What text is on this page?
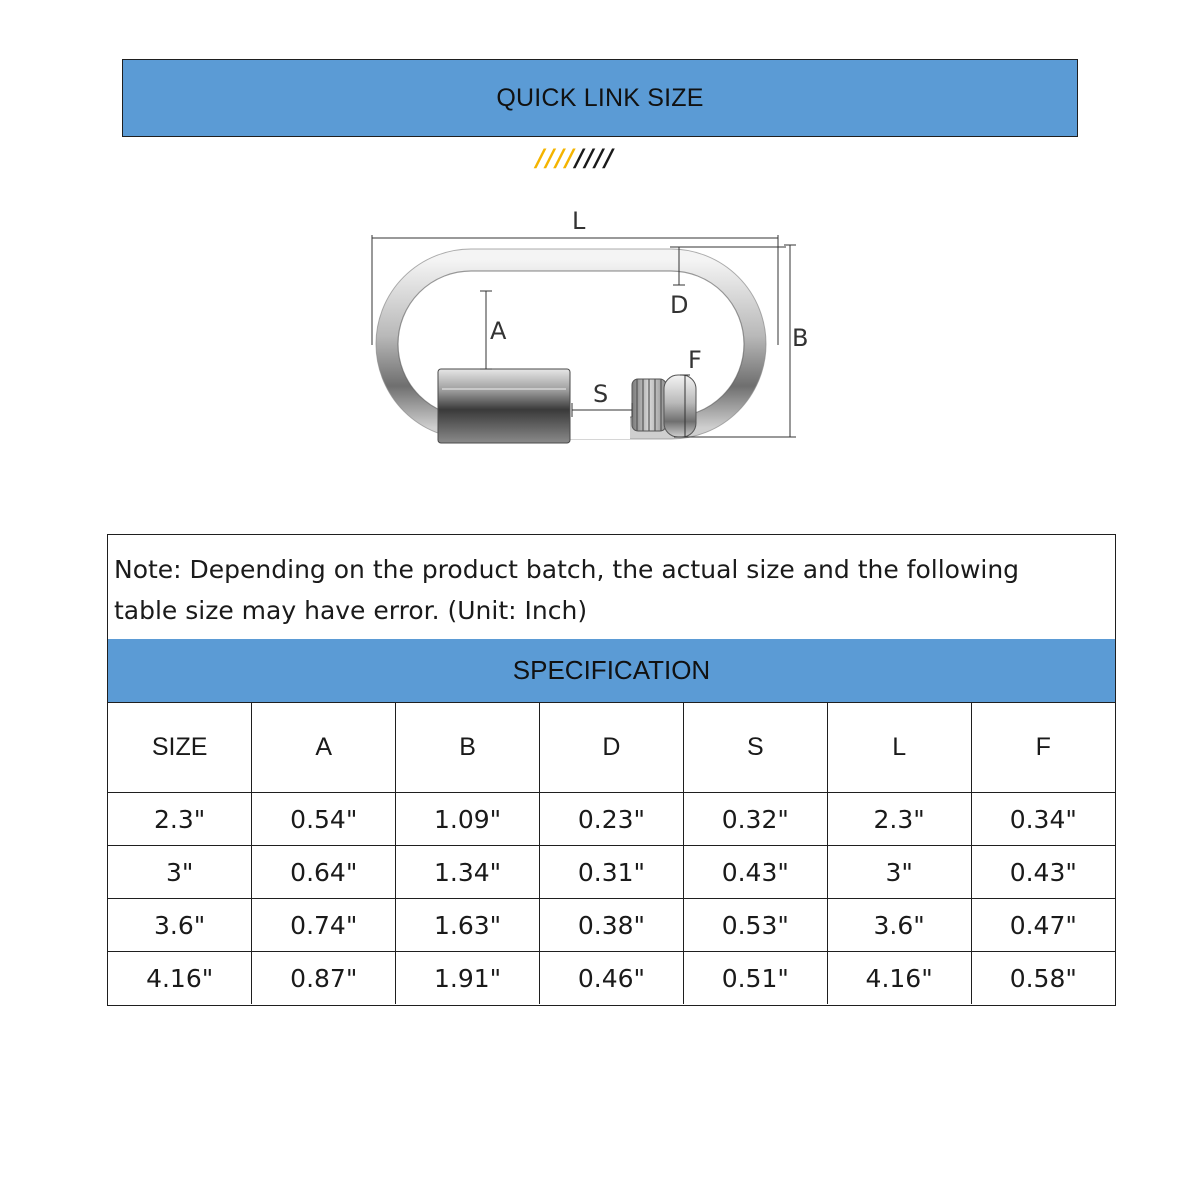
QUICK LINK SIZE
////////
L
A
D
B
F
S
Note: Depending on the product batch, the actual size and the following
table size may have error. (Unit: Inch)
SPECIFICATION
SIZE	A	B	D	S	L	F
2.3"	0.54"	1.09"	0.23"	0.32"	2.3"	0.34"
3"	0.64"	1.34"	0.31"	0.43"	3"	0.43"
3.6"	0.74"	1.63"	0.38"	0.53"	3.6"	0.47"
4.16"	0.87"	1.91"	0.46"	0.51"	4.16"	0.58"
